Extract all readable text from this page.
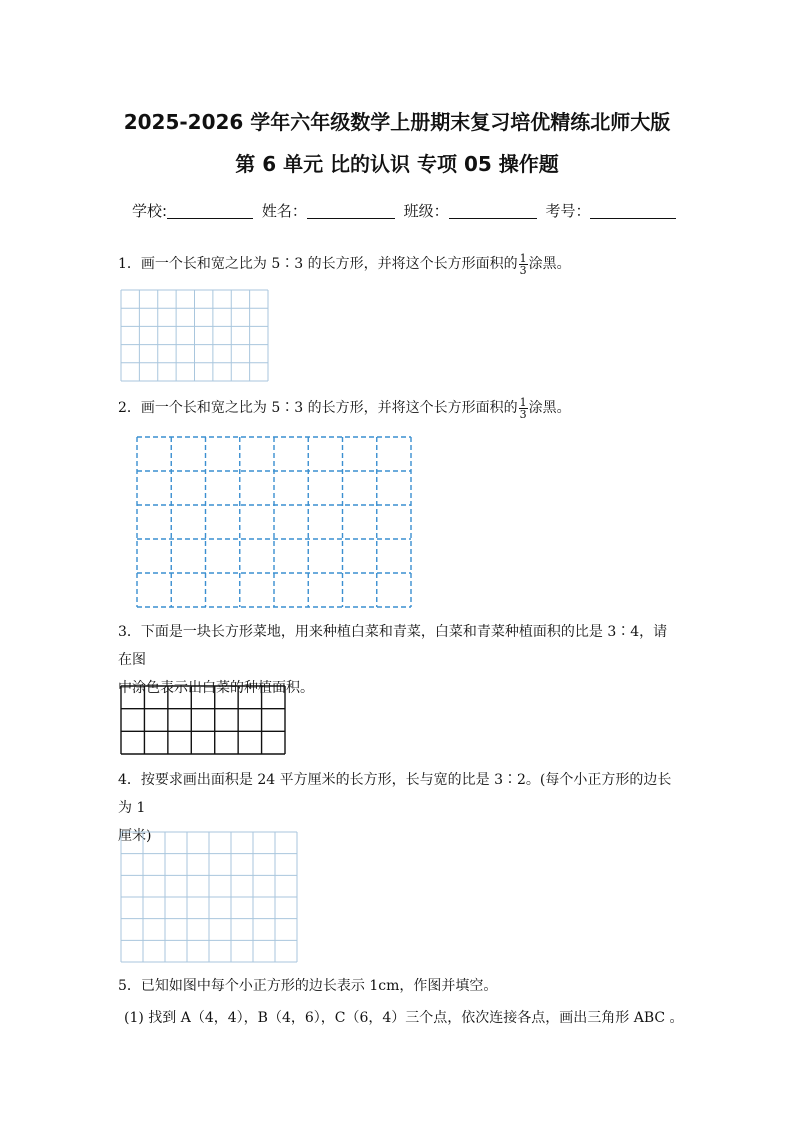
2025-2026 学年六年级数学上册期末复习培优精练北师大版
第 6 单元 比的认识 专项 05 操作题
学校:	姓名：	班级：	考号：
1．画一个长和宽之比为 5∶3 的长方形，并将这个长方形面积的 $\frac{1}{3}$ 涂黑。
2．画一个长和宽之比为 5∶3 的长方形，并将这个长方形面积的 $\frac{1}{3}$ 涂黑。
3．下面是一块长方形菜地，用来种植白菜和青菜，白菜和青菜种植面积的比是 3∶4，请在图
中涂色表示出白菜的种植面积。
4．按要求画出面积是 24 平方厘米的长方形，长与宽的比是 3∶2。(每个小正方形的边长为 1
厘米)
5．已知如图中每个小正方形的边长表示 1cm，作图并填空。
(1) 找到 A（4，4），B（4，6），C（6，4）三个点，依次连接各点，画出三角形 ABC 。
